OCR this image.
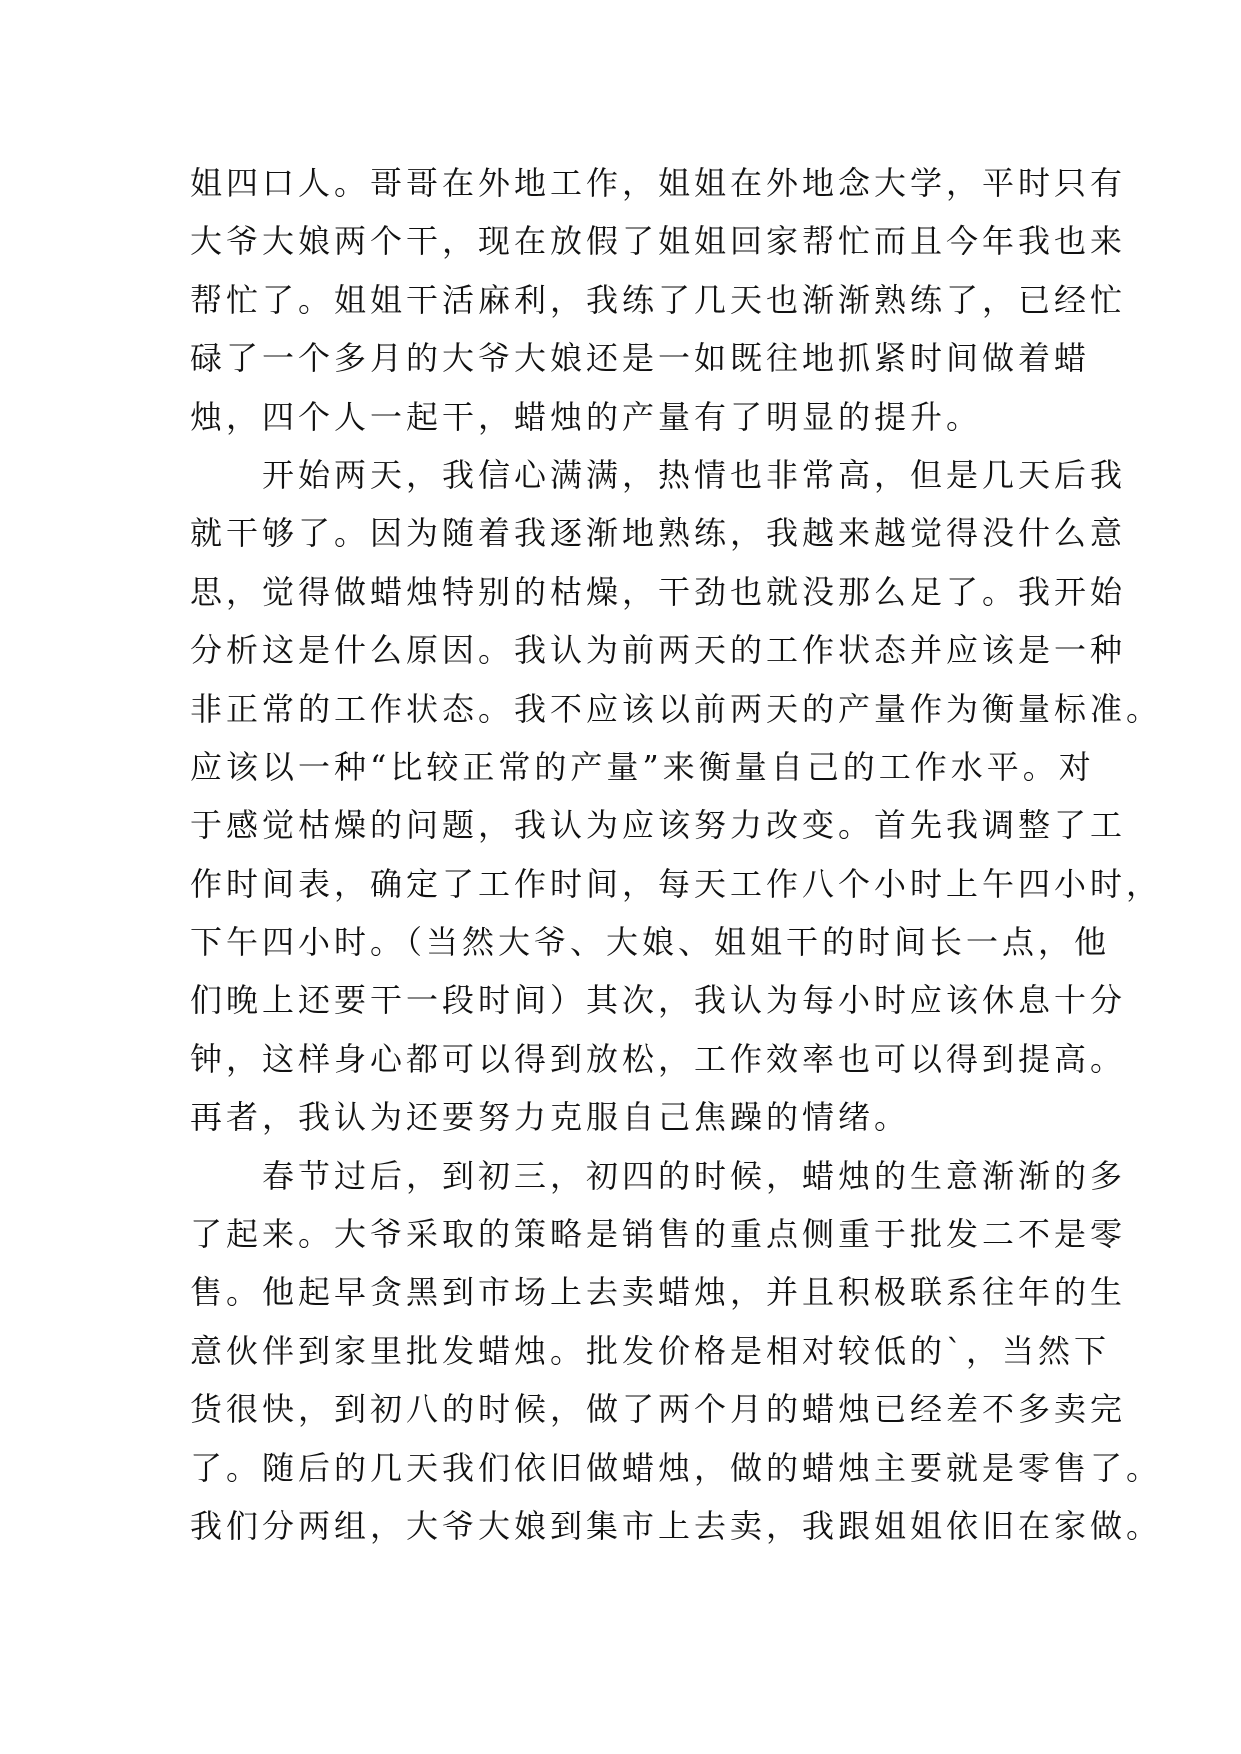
姐四口人。哥哥在外地工作，姐姐在外地念大学，平时只有
大爷大娘两个干，现在放假了姐姐回家帮忙而且今年我也来
帮忙了。姐姐干活麻利，我练了几天也渐渐熟练了，已经忙
碌了一个多月的大爷大娘还是一如既往地抓紧时间做着蜡
烛，四个人一起干，蜡烛的产量有了明显的提升。
　　开始两天，我信心满满，热情也非常高，但是几天后我
就干够了。因为随着我逐渐地熟练，我越来越觉得没什么意
思，觉得做蜡烛特别的枯燥，干劲也就没那么足了。我开始
分析这是什么原因。我认为前两天的工作状态并应该是一种
非正常的工作状态。我不应该以前两天的产量作为衡量标准。
应该以一种“比较正常的产量”来衡量自己的工作水平。对
于感觉枯燥的问题，我认为应该努力改变。首先我调整了工
作时间表，确定了工作时间，每天工作八个小时上午四小时，
下午四小时。（当然大爷、大娘、姐姐干的时间长一点，他
们晚上还要干一段时间）其次，我认为每小时应该休息十分
钟，这样身心都可以得到放松，工作效率也可以得到提高。
再者，我认为还要努力克服自己焦躁的情绪。
　　春节过后，到初三，初四的时候，蜡烛的生意渐渐的多
了起来。大爷采取的策略是销售的重点侧重于批发二不是零
售。他起早贪黑到市场上去卖蜡烛，并且积极联系往年的生
意伙伴到家里批发蜡烛。批发价格是相对较低的`，当然下
货很快，到初八的时候，做了两个月的蜡烛已经差不多卖完
了。随后的几天我们依旧做蜡烛，做的蜡烛主要就是零售了。
我们分两组，大爷大娘到集市上去卖，我跟姐姐依旧在家做。
